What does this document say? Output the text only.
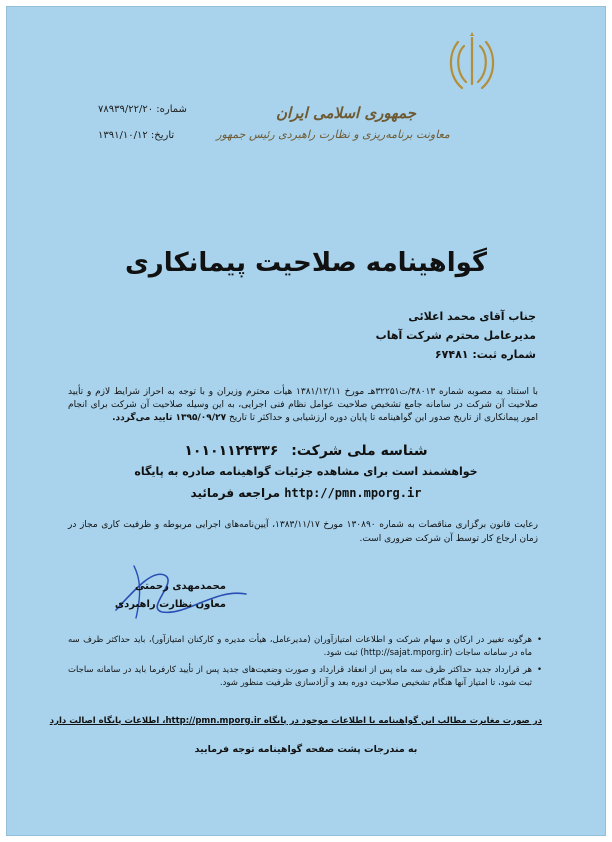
جمهوری اسلامی ایران
معاونت برنامه‌ریزی و نظارت راهبردی رئیس جمهور
شماره: ۷۸۹۳۹/۲۲/۲۰
تاریخ: ۱۳۹۱/۱۰/۱۲
گواهینامه صلاحیت پیمانکاری
جناب آقای محمد اعلائی
مدیرعامل محترم شرکت آهاب
شماره ثبت: ۶۷۴۸۱
با استناد به مصوبه شماره ۴۸۰۱۳/ت۳۲۲۵۱هـ مورخ ۱۳۸۱/۱۲/۱۱ هیأت محترم وزیران و با توجه به احراز شرایط لازم و تأیید صلاحیت آن شرکت در سامانه جامع تشخیص صلاحیت عوامل نظام فنی اجرایی، به این وسیله صلاحیت آن شرکت برای انجام امور پیمانکاری از تاریخ صدور این گواهینامه تا پایان دوره ارزشیابی و حداکثر تا تاریخ ۱۳۹۵/۰۹/۲۷ تایید می‌گردد.
شناسه ملی شرکت: ۱۰۱۰۱۱۲۴۳۳۶
خواهشمند است برای مشاهده جزئیات گواهینامه صادره به پایگاه
http://pmn.mporg.ir مراجعه فرمائید
رعایت قانون برگزاری مناقصات به شماره ۱۳۰۸۹۰ مورخ ۱۳۸۳/۱۱/۱۷، آیین‌نامه‌های اجرایی مربوطه و ظرفیت کاری مجاز در زمان ارجاع کار توسط آن شرکت ضروری است.
محمدمهدی رحمتی
معاون نظارت راهبردی
• هرگونه تغییر در ارکان و سهام شرکت و اطلاعات امتیازآوران (مدیرعامل، هیأت مدیره و کارکنان امتیازآور)، باید حداکثر ظرف سه ماه در سامانه ساجات (http://sajat.mporg.ir) ثبت شود.
• هر قرارداد جدید حداکثر ظرف سه ماه پس از انعقاد قرارداد و صورت وضعیت‌های جدید پس از تأیید کارفرما باید در سامانه ساجات ثبت شود، تا امتیاز آنها هنگام تشخیص صلاحیت دوره بعد و آزادسازی ظرفیت منظور شود.
در صورت مغایرت مطالب این گواهینامه با اطلاعات موجود در پایگاه http://pmn.mporg.ir، اطلاعات پایگاه اصالت دارد
به مندرجات پشت صفحه گواهینامه توجه فرمایید
